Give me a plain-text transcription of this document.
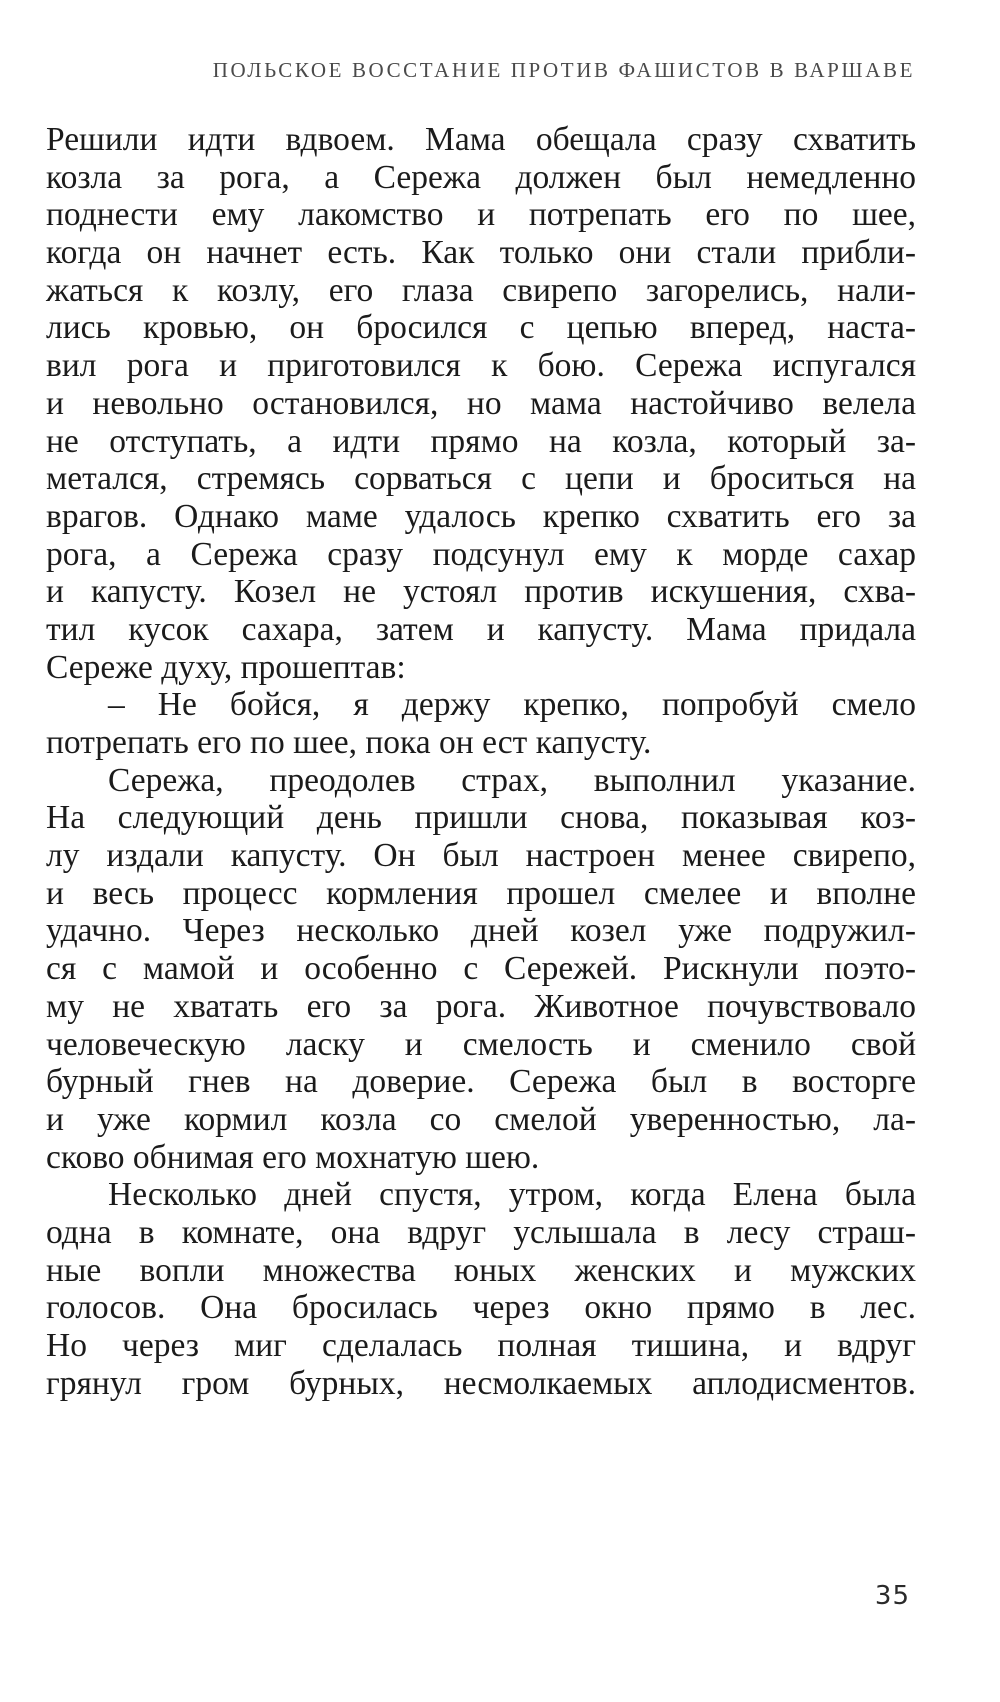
ПОЛЬСКОЕ ВОССТАНИЕ ПРОТИВ ФАШИСТОВ В ВАРШАВЕ
Решили идти вдвоем. Мама обещала сразу схватить
козла за рога, а Сережа должен был немедленно
поднести ему лакомство и потрепать его по шее,
когда он начнет есть. Как только они стали прибли-
жаться к козлу, его глаза свирепо загорелись, нали-
лись кровью, он бросился с цепью вперед, наста-
вил рога и приготовился к бою. Сережа испугался
и невольно остановился, но мама настойчиво велела
не отступать, а идти прямо на козла, который за-
метался, стремясь сорваться с цепи и броситься на
врагов. Однако маме удалось крепко схватить его за
рога, а Сережа сразу подсунул ему к морде сахар
и капусту. Козел не устоял против искушения, схва-
тил кусок сахара, затем и капусту. Мама придала
Сереже духу, прошептав:
– Не бойся, я держу крепко, попробуй смело
потрепать его по шее, пока он ест капусту.
Сережа, преодолев страх, выполнил указание.
На следующий день пришли снова, показывая коз-
лу издали капусту. Он был настроен менее свирепо,
и весь процесс кормления прошел смелее и вполне
удачно. Через несколько дней козел уже подружил-
ся с мамой и особенно с Сережей. Рискнули поэто-
му не хватать его за рога. Животное почувствовало
человеческую ласку и смелость и сменило свой
бурный гнев на доверие. Сережа был в восторге
и уже кормил козла со смелой уверенностью, ла-
сково обнимая его мохнатую шею.
Несколько дней спустя, утром, когда Елена была
одна в комнате, она вдруг услышала в лесу страш-
ные вопли множества юных женских и мужских
голосов. Она бросилась через окно прямо в лес.
Но через миг сделалась полная тишина, и вдруг
грянул гром бурных, несмолкаемых аплодисментов.
35
